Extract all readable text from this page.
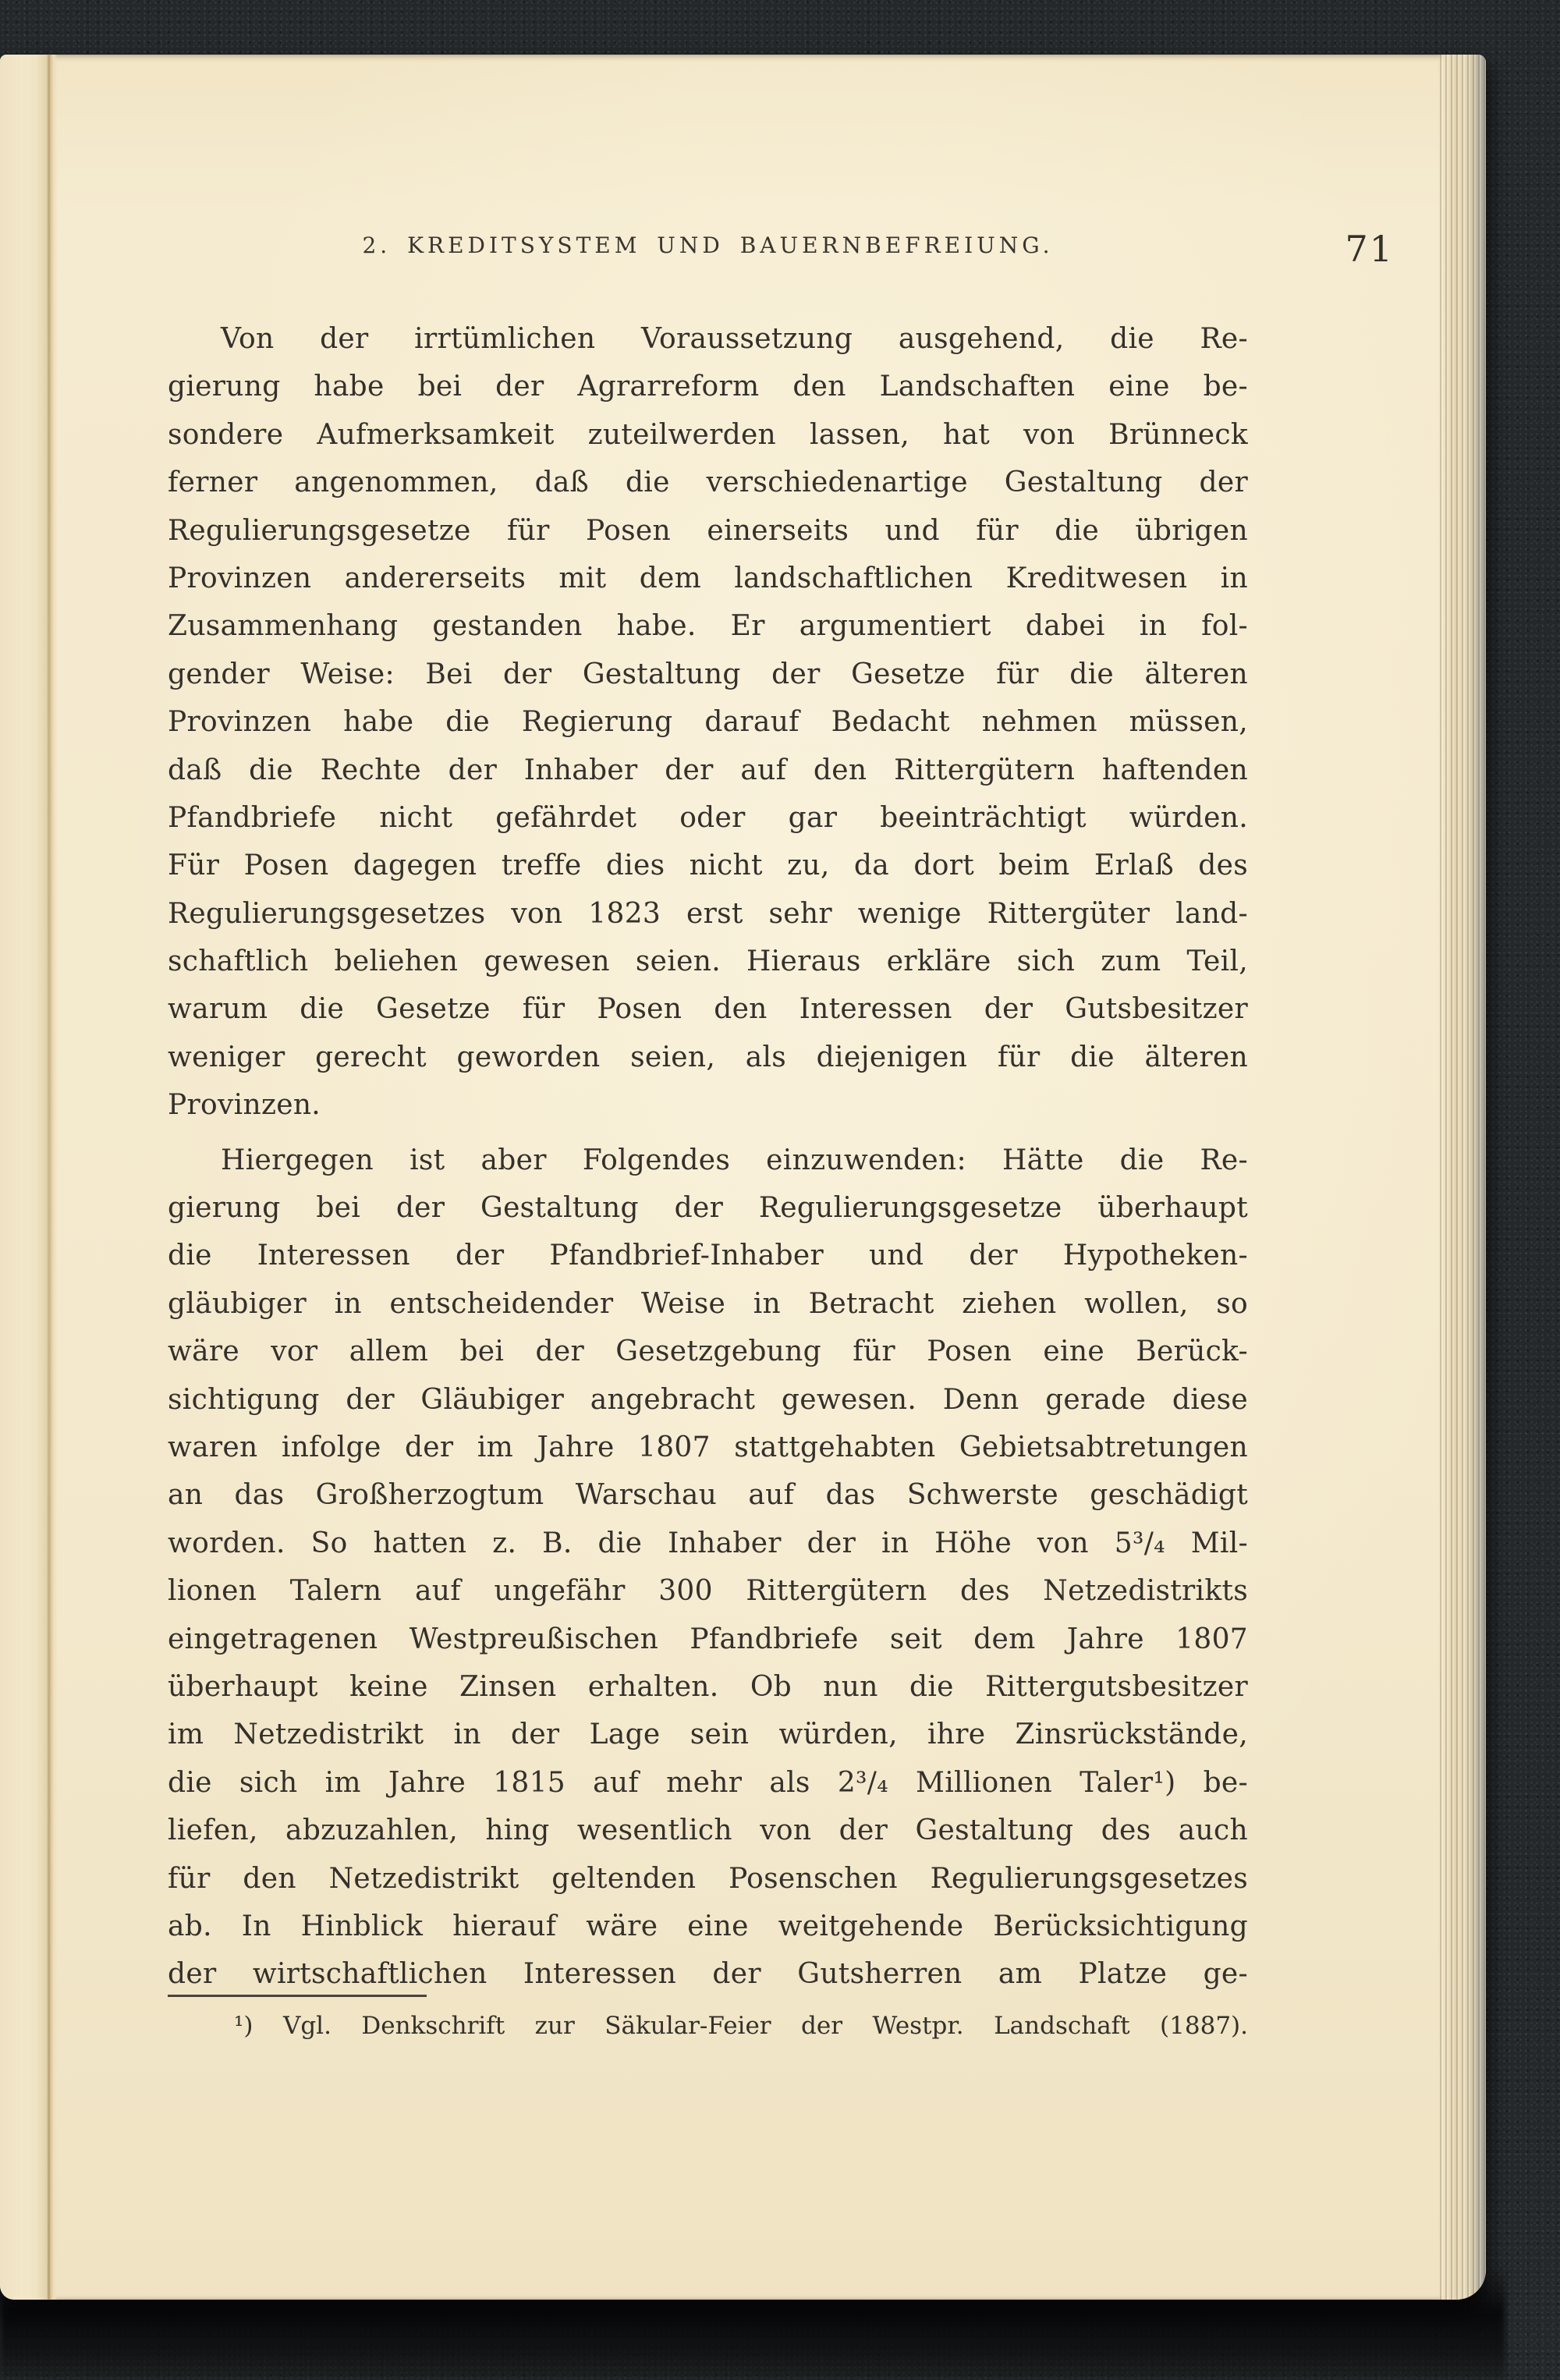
2. KREDITSYSTEM UND BAUERNBEFREIUNG.	71
Von der irrtümlichen Voraussetzung ausgehend, die Re-
gierung habe bei der Agrarreform den Landschaften eine be-
sondere Aufmerksamkeit zuteilwerden lassen, hat von Brünneck
ferner angenommen, daß die verschiedenartige Gestaltung der
Regulierungsgesetze für Posen einerseits und für die übrigen
Provinzen andererseits mit dem landschaftlichen Kreditwesen in
Zusammenhang gestanden habe. Er argumentiert dabei in fol-
gender Weise: Bei der Gestaltung der Gesetze für die älteren
Provinzen habe die Regierung darauf Bedacht nehmen müssen,
daß die Rechte der Inhaber der auf den Rittergütern haftenden
Pfandbriefe nicht gefährdet oder gar beeinträchtigt würden.
Für Posen dagegen treffe dies nicht zu, da dort beim Erlaß des
Regulierungsgesetzes von 1823 erst sehr wenige Rittergüter land-
schaftlich beliehen gewesen seien. Hieraus erkläre sich zum Teil,
warum die Gesetze für Posen den Interessen der Gutsbesitzer
weniger gerecht geworden seien, als diejenigen für die älteren
Provinzen.
Hiergegen ist aber Folgendes einzuwenden: Hätte die Re-
gierung bei der Gestaltung der Regulierungsgesetze überhaupt
die Interessen der Pfandbrief-Inhaber und der Hypotheken-
gläubiger in entscheidender Weise in Betracht ziehen wollen, so
wäre vor allem bei der Gesetzgebung für Posen eine Berück-
sichtigung der Gläubiger angebracht gewesen. Denn gerade diese
waren infolge der im Jahre 1807 stattgehabten Gebietsabtretungen
an das Großherzogtum Warschau auf das Schwerste geschädigt
worden. So hatten z. B. die Inhaber der in Höhe von 5³/₄ Mil-
lionen Talern auf ungefähr 300 Rittergütern des Netzedistrikts
eingetragenen Westpreußischen Pfandbriefe seit dem Jahre 1807
überhaupt keine Zinsen erhalten. Ob nun die Rittergutsbesitzer
im Netzedistrikt in der Lage sein würden, ihre Zinsrückstände,
die sich im Jahre 1815 auf mehr als 2³/₄ Millionen Taler¹) be-
liefen, abzuzahlen, hing wesentlich von der Gestaltung des auch
für den Netzedistrikt geltenden Posenschen Regulierungsgesetzes
ab. In Hinblick hierauf wäre eine weitgehende Berücksichtigung
der wirtschaftlichen Interessen der Gutsherren am Platze ge-
¹) Vgl. Denkschrift zur Säkular-Feier der Westpr. Landschaft (1887).
